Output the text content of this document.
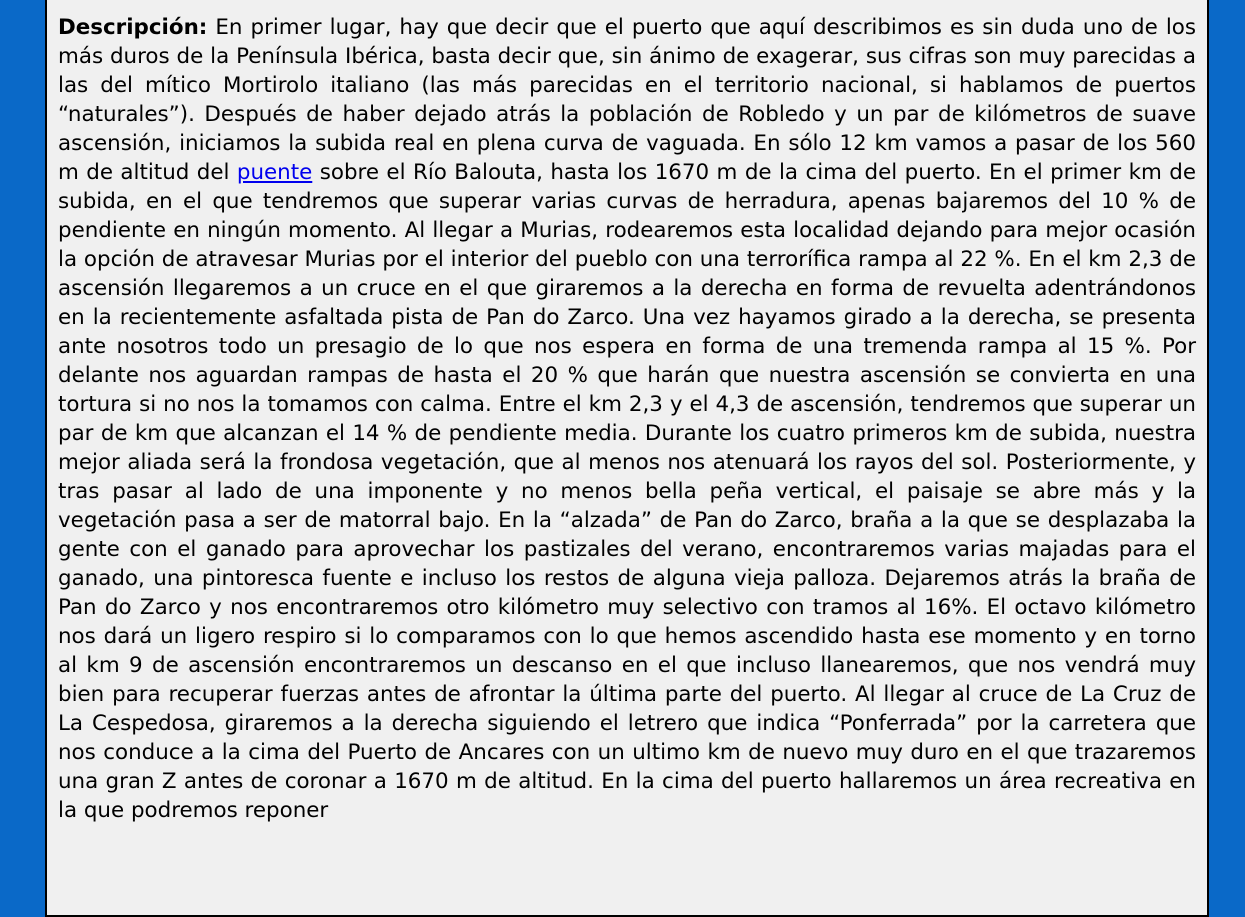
Descripción: En primer lugar, hay que decir que el puerto que aquí describimos es sin duda uno de los más duros de la Península Ibérica, basta decir que, sin ánimo de exagerar, sus cifras son muy parecidas a las del mítico Mortirolo italiano (las más parecidas en el territorio nacional, si hablamos de puertos “naturales”). Después de haber dejado atrás la población de Robledo y un par de kilómetros de suave ascensión, iniciamos la subida real en plena curva de vaguada. En sólo 12 km vamos a pasar de los 560 m de altitud del puente sobre el Río Balouta, hasta los 1670 m de la cima del puerto. En el primer km de subida, en el que tendremos que superar varias curvas de herradura, apenas bajaremos del 10 % de pendiente en ningún momento. Al llegar a Murias, rodearemos esta localidad dejando para mejor ocasión la opción de atravesar Murias por el interior del pueblo con una terrorífica rampa al 22 %. En el km 2,3 de ascensión llegaremos a un cruce en el que giraremos a la derecha en forma de revuelta adentrándonos en la recientemente asfaltada pista de Pan do Zarco. Una vez hayamos girado a la derecha, se presenta ante nosotros todo un presagio de lo que nos espera en forma de una tremenda rampa al 15 %. Por delante nos aguardan rampas de hasta el 20 % que harán que nuestra ascensión se convierta en una tortura si no nos la tomamos con calma. Entre el km 2,3 y el 4,3 de ascensión, tendremos que superar un par de km que alcanzan el 14 % de pendiente media. Durante los cuatro primeros km de subida, nuestra mejor aliada será la frondosa vegetación, que al menos nos atenuará los rayos del sol. Posteriormente, y tras pasar al lado de una imponente y no menos bella peña vertical, el paisaje se abre más y la vegetación pasa a ser de matorral bajo. En la “alzada” de Pan do Zarco, braña a la que se desplazaba la gente con el ganado para aprovechar los pastizales del verano, encontraremos varias majadas para el ganado, una pintoresca fuente e incluso los restos de alguna vieja palloza. Dejaremos atrás la braña de Pan do Zarco y nos encontraremos otro kilómetro muy selectivo con tramos al 16%. El octavo kilómetro nos dará un ligero respiro si lo comparamos con lo que hemos ascendido hasta ese momento y en torno al km 9 de ascensión encontraremos un descanso en el que incluso llanearemos, que nos vendrá muy bien para recuperar fuerzas antes de afrontar la última parte del puerto. Al llegar al cruce de La Cruz de La Cespedosa, giraremos a la derecha siguiendo el letrero que indica “Ponferrada” por la carretera que nos conduce a la cima del Puerto de Ancares con un ultimo km de nuevo muy duro en el que trazaremos una gran Z antes de coronar a 1670 m de altitud. En la cima del puerto hallaremos un área recreativa en la que podremos reponer
